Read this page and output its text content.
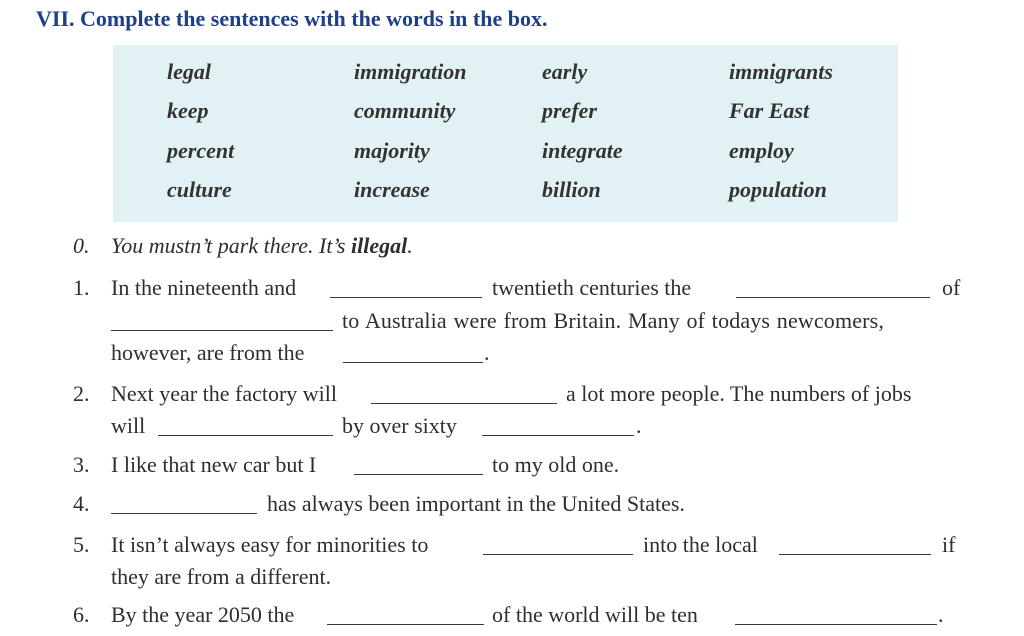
VII. Complete the sentences with the words in the box.
legal	immigration	early	immigrants
keep	community	prefer	Far East
percent	majority	integrate	employ
culture	increase	billion	population
0. You mustn’t park there. It’s illegal.
1. In the nineteenth and	twentieth centuries the	of
to Australia were from Britain. Many of todays newcomers,
however, are from the	.
2. Next year the factory will	a lot more people. The numbers of jobs
will	by over sixty	.
3. I like that new car but I	to my old one.
4.	has always been important in the United States.
5. It isn’t always easy for minorities to	into the local	if
they are from a different.
6. By the year 2050 the	of the world will be ten	.
